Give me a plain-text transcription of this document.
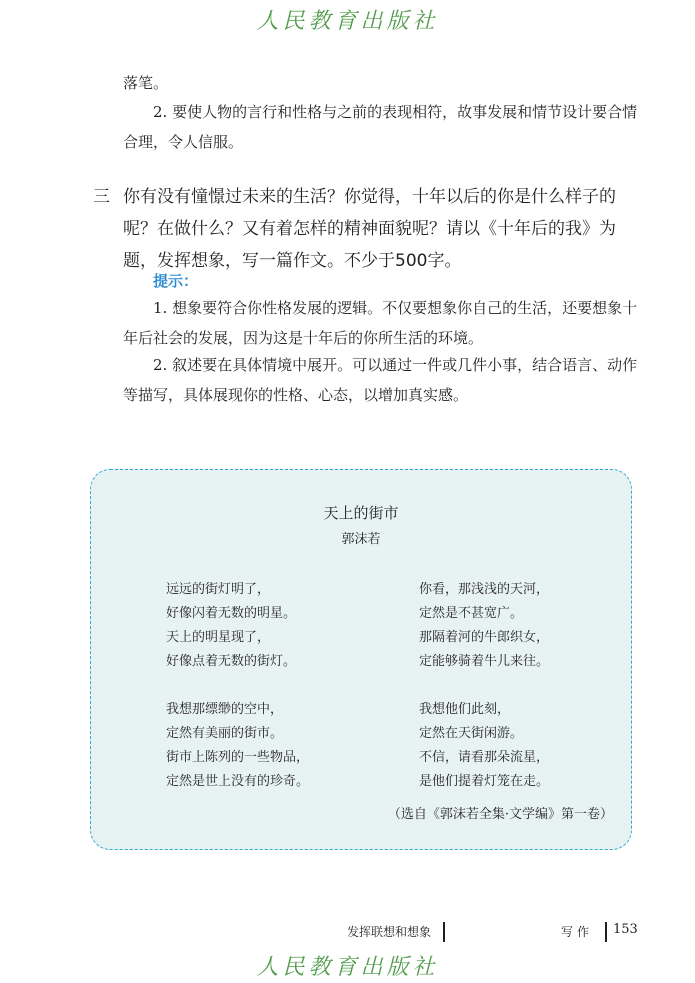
人民教育出版社

落笔。

2. 要使人物的言行和性格与之前的表现相符，故事发展和情节设计要合情合理，令人信服。

三 你有没有憧憬过未来的生活？你觉得，十年以后的你是什么样子的呢？在做什么？又有着怎样的精神面貌呢？请以《十年后的我》为题，发挥想象，写一篇作文。不少于500字。

提示：

1. 想象要符合你性格发展的逻辑。不仅要想象你自己的生活，还要想象十年后社会的发展，因为这是十年后的你所生活的环境。

2. 叙述要在具体情境中展开。可以通过一件或几件小事，结合语言、动作等描写，具体展现你的性格、心态，以增加真实感。

天上的街市
郭沫若
远远的街灯明了，
好像闪着无数的明星。
天上的明星现了，
好像点着无数的街灯。
你看，那浅浅的天河，
定然是不甚宽广。
那隔着河的牛郎织女，
定能够骑着牛儿来往。
我想那缥缈的空中，
定然有美丽的街市。
街市上陈列的一些物品，
定然是世上没有的珍奇。
我想他们此刻，
定然在天街闲游。
不信，请看那朵流星，
是他们提着灯笼在走。
（选自《郭沫若全集·文学编》第一卷）
发挥联想和想象	写作 153
人民教育出版社
